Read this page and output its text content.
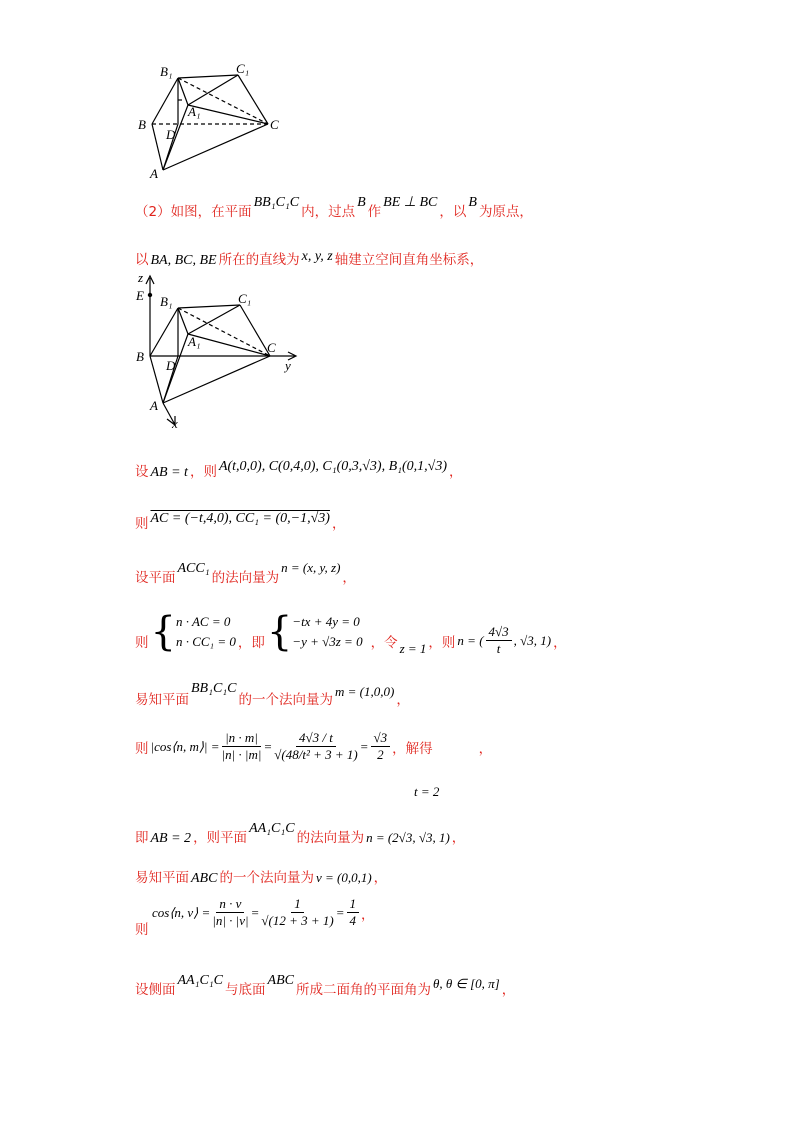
B₁	C₁
A₁
B	C
D
A
（2）如图，在平面
BB₁C₁C
内，过点
B
作
BE ⊥ BC
，以
B
为原点，
以 BA, BC, BE 所在的直线为 x, y, z 轴建立空间直角坐标系，
z
E B₁	C₁
A₁
B
C
D	y
A
x
设 AB = t ，则 A(t,0,0), C(0,4,0), C₁(0,3,√3), B₁(0,1,√3) ，
则 AC = (−t,4,0), CC₁ = (0,−1,√3) ，
设平面
ACC₁
的法向量为
n = (x, y, z)
，
则 { n · AC = 0
n · CC₁ = 0 ，即 { −tx + 4y = 0
−y + √3z = 0 ，令 z = 1 ，则 n = ( $\frac{4√3}{t}$ , √3, 1) ，
易知平面
BB₁C₁C
的一个法向量为
m = (1,0,0)
，
则 |cos⟨n, m⟩| = $\frac{|n \cdot m|}{|n| \cdot |m|} = \frac{4√3 / t}{\text{√(48/t² + 3 + 1)}} = \frac{√3}{2}$ ，解得	，
t = 2
即 AB = 2 ，则平面
AA₁C₁C
的法向量为 n = (2√3, √3, 1) ，
易知平面 ABC 的一个法向量为 v = (0,0,1) ，
cos⟨n, v⟩ = $\frac{n \cdot v}{|n| \cdot |v|} = \frac{1}{√(12 + 3 + 1)} = \frac{1}{4}$ ，
则
设侧面
AA₁C₁C
与底面
ABC
所成二面角的平面角为 θ, θ ∈ [0, π] ，
